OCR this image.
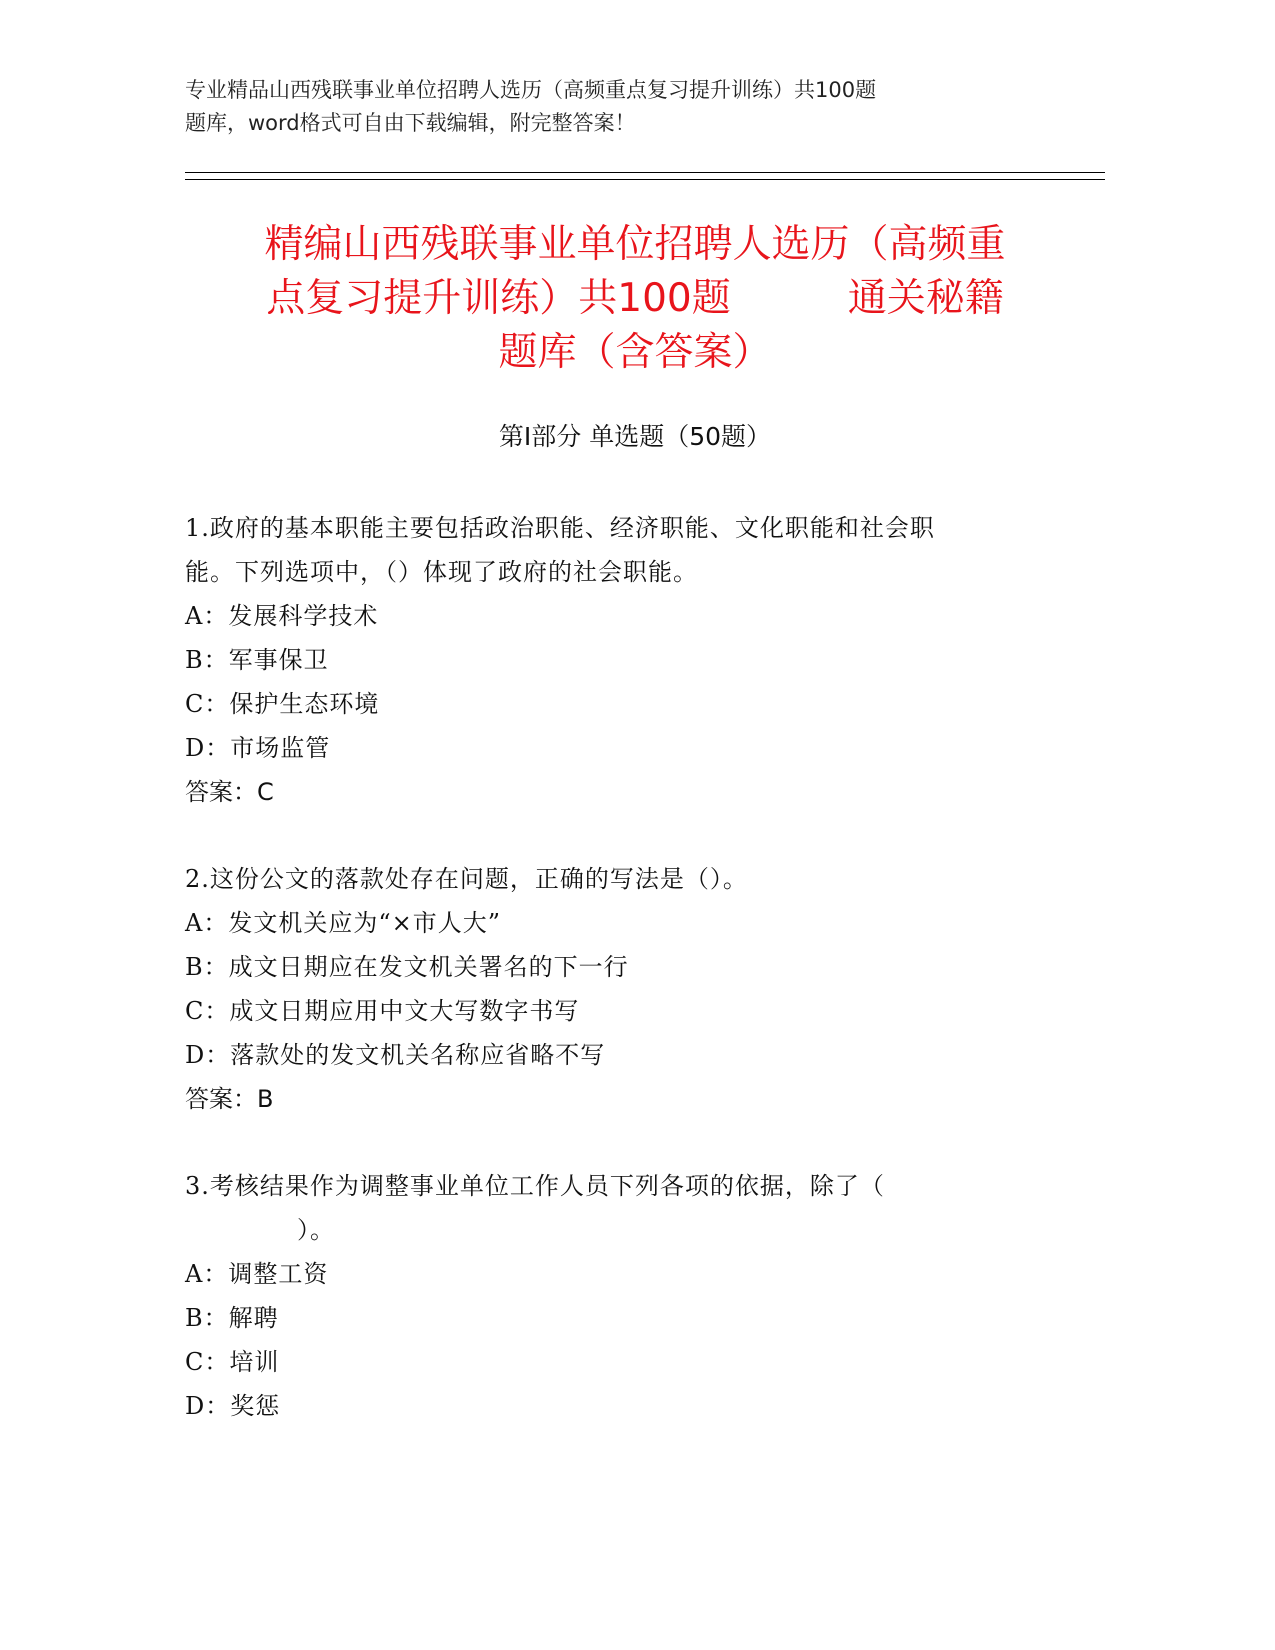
专业精品山西残联事业单位招聘人选历（高频重点复习提升训练）共100题
题库，word格式可自由下载编辑，附完整答案！
精编山西残联事业单位招聘人选历（高频重
点复习提升训练）共100题　　　通关秘籍
题库（含答案）
第Ⅰ部分 单选题（50题）
1.政府的基本职能主要包括政治职能、经济职能、文化职能和社会职
能。下列选项中，（）体现了政府的社会职能。
A：发展科学技术
B：军事保卫
C：保护生态环境
D：市场监管
答案：C
2.这份公文的落款处存在问题，正确的写法是（）。
A：发文机关应为“×市人大”
B：成文日期应在发文机关署名的下一行
C：成文日期应用中文大写数字书写
D：落款处的发文机关名称应省略不写
答案：B
3.考核结果作为调整事业单位工作人员下列各项的依据，除了（
）。
A：调整工资
B：解聘
C：培训
D：奖惩
